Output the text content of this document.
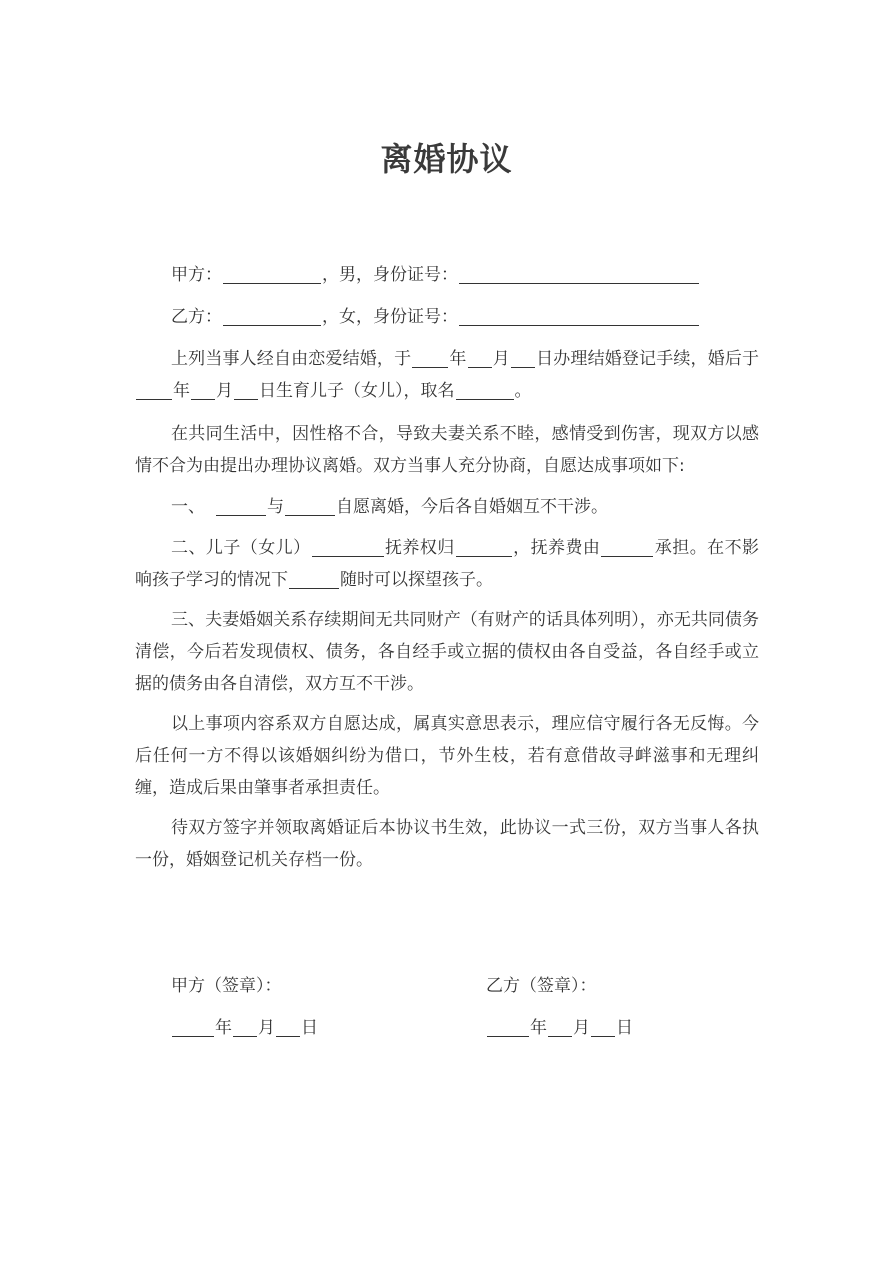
离婚协议
甲方：	，男，身份证号：
乙方：	，女，身份证号：
上列当事人经自由恋爱结婚，于 年 月 日办理结婚登记手续，婚后于年 月 日生育儿子（女儿），取名	。
在共同生活中，因性格不合，导致夫妻关系不睦，感情受到伤害，现双方以感情不合为由提出办理协议离婚。双方当事人充分协商，自愿达成事项如下:
一、	与	自愿离婚，今后各自婚姻互不干涉。
二、儿子（女儿）	抚养权归	，抚养费由	承担。在不影响孩子学习的情况下	随时可以探望孩子。
三、夫妻婚姻关系存续期间无共同财产（有财产的话具体列明），亦无共同债务清偿，今后若发现债权、债务，各自经手或立据的债权由各自受益，各自经手或立据的债务由各自清偿，双方互不干涉。
以上事项内容系双方自愿达成，属真实意思表示，理应信守履行各无反悔。今后任何一方不得以该婚姻纠纷为借口，节外生枝，若有意借故寻衅滋事和无理纠缠，造成后果由肇事者承担责任。
待双方签字并领取离婚证后本协议书生效，此协议一式三份，双方当事人各执一份，婚姻登记机关存档一份。
甲方（签章）：	乙方（签章）：
年 月 日	年 月 日
